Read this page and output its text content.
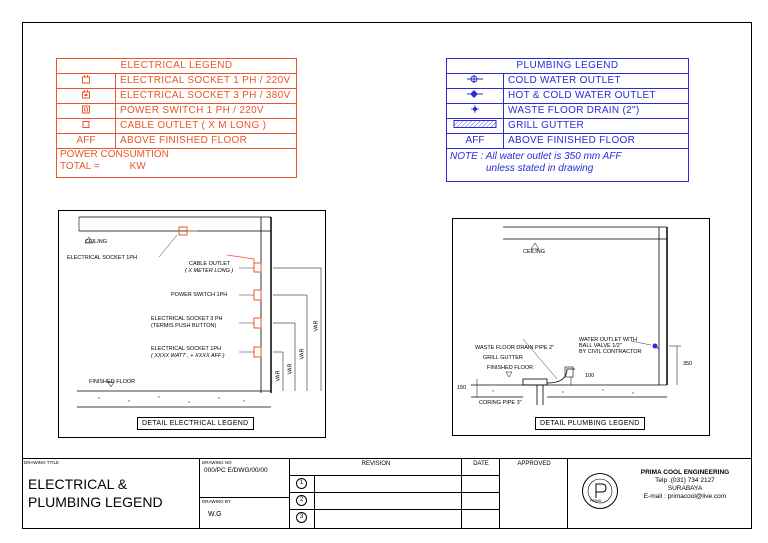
ELECTRICAL LEGEND
ELECTRICAL SOCKET 1 PH / 220V
ELECTRICAL SOCKET 3 PH / 380V
POWER SWITCH 1 PH / 220V
CABLE OUTLET ( X M LONG )
AFF	ABOVE FINISHED FLOOR
POWER CONSUMTION
TOTAL =	KW
PLUMBING LEGEND
COLD WATER OUTLET
HOT & COLD WATER OUTLET
WASTE FLOOR DRAIN (2")
GRILL GUTTER
AFF	ABOVE FINISHED FLOOR
NOTE : All water outlet is 350 mm AFF
unless stated in drawing
CEILING
ELECTRICAL SOCKET 1PH
CABLE OUTLET
( X METER LONG )
POWER SWITCH 1PH
ELECTRICAL SOCKET 3 PH
(TERMIS PUSH BUTTON)
ELECTRICAL SOCKET 1PH
( XXXX WATT , + XXXX AFF )
FINISHED FLOOR
VAR
VAR
VAR
VAR
DETAIL ELECTRICAL LEGEND
CEILING
WATER OUTLET WITH
BALL VALVE 1/2"
BY CIVIL CONTRACTOR
WASTE FLOOR DRAIN PIPE 2"
GRILL GUTTER
FINISHED FLOOR
CORING PIPE 3"
350
100
150
DETAIL PLUMBING LEGEND
DRAWING TITLE
ELECTRICAL &
PLUMBING LEGEND
DRAWING NO
000/PC E/DWG/00/00
DRAWING BY
W.G
REVISION
1
2
3
DATE	APPROVED
PRIMA
PRIMA COOL ENGINEERING
Telp .(031) 734 2127
SURABAYA
E-mail : primacool@live.com
